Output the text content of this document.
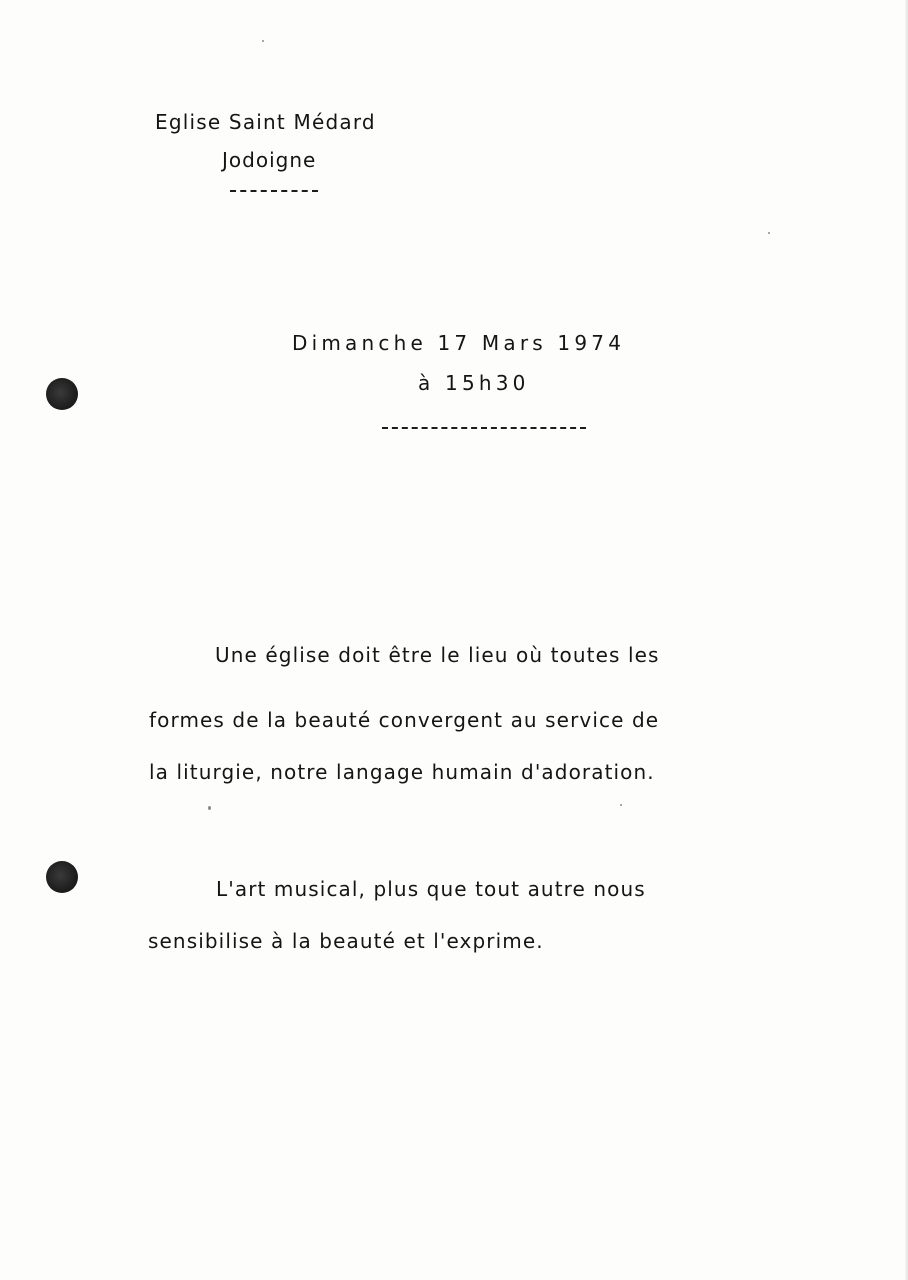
Eglise Saint Médard
Jodoigne
Dimanche 17 Mars 1974
à 15h30
Une église doit être le lieu où toutes les
formes de la beauté convergent au service de
la liturgie, notre langage humain d'adoration.
L'art musical, plus que tout autre nous
sensibilise à la beauté et l'exprime.
